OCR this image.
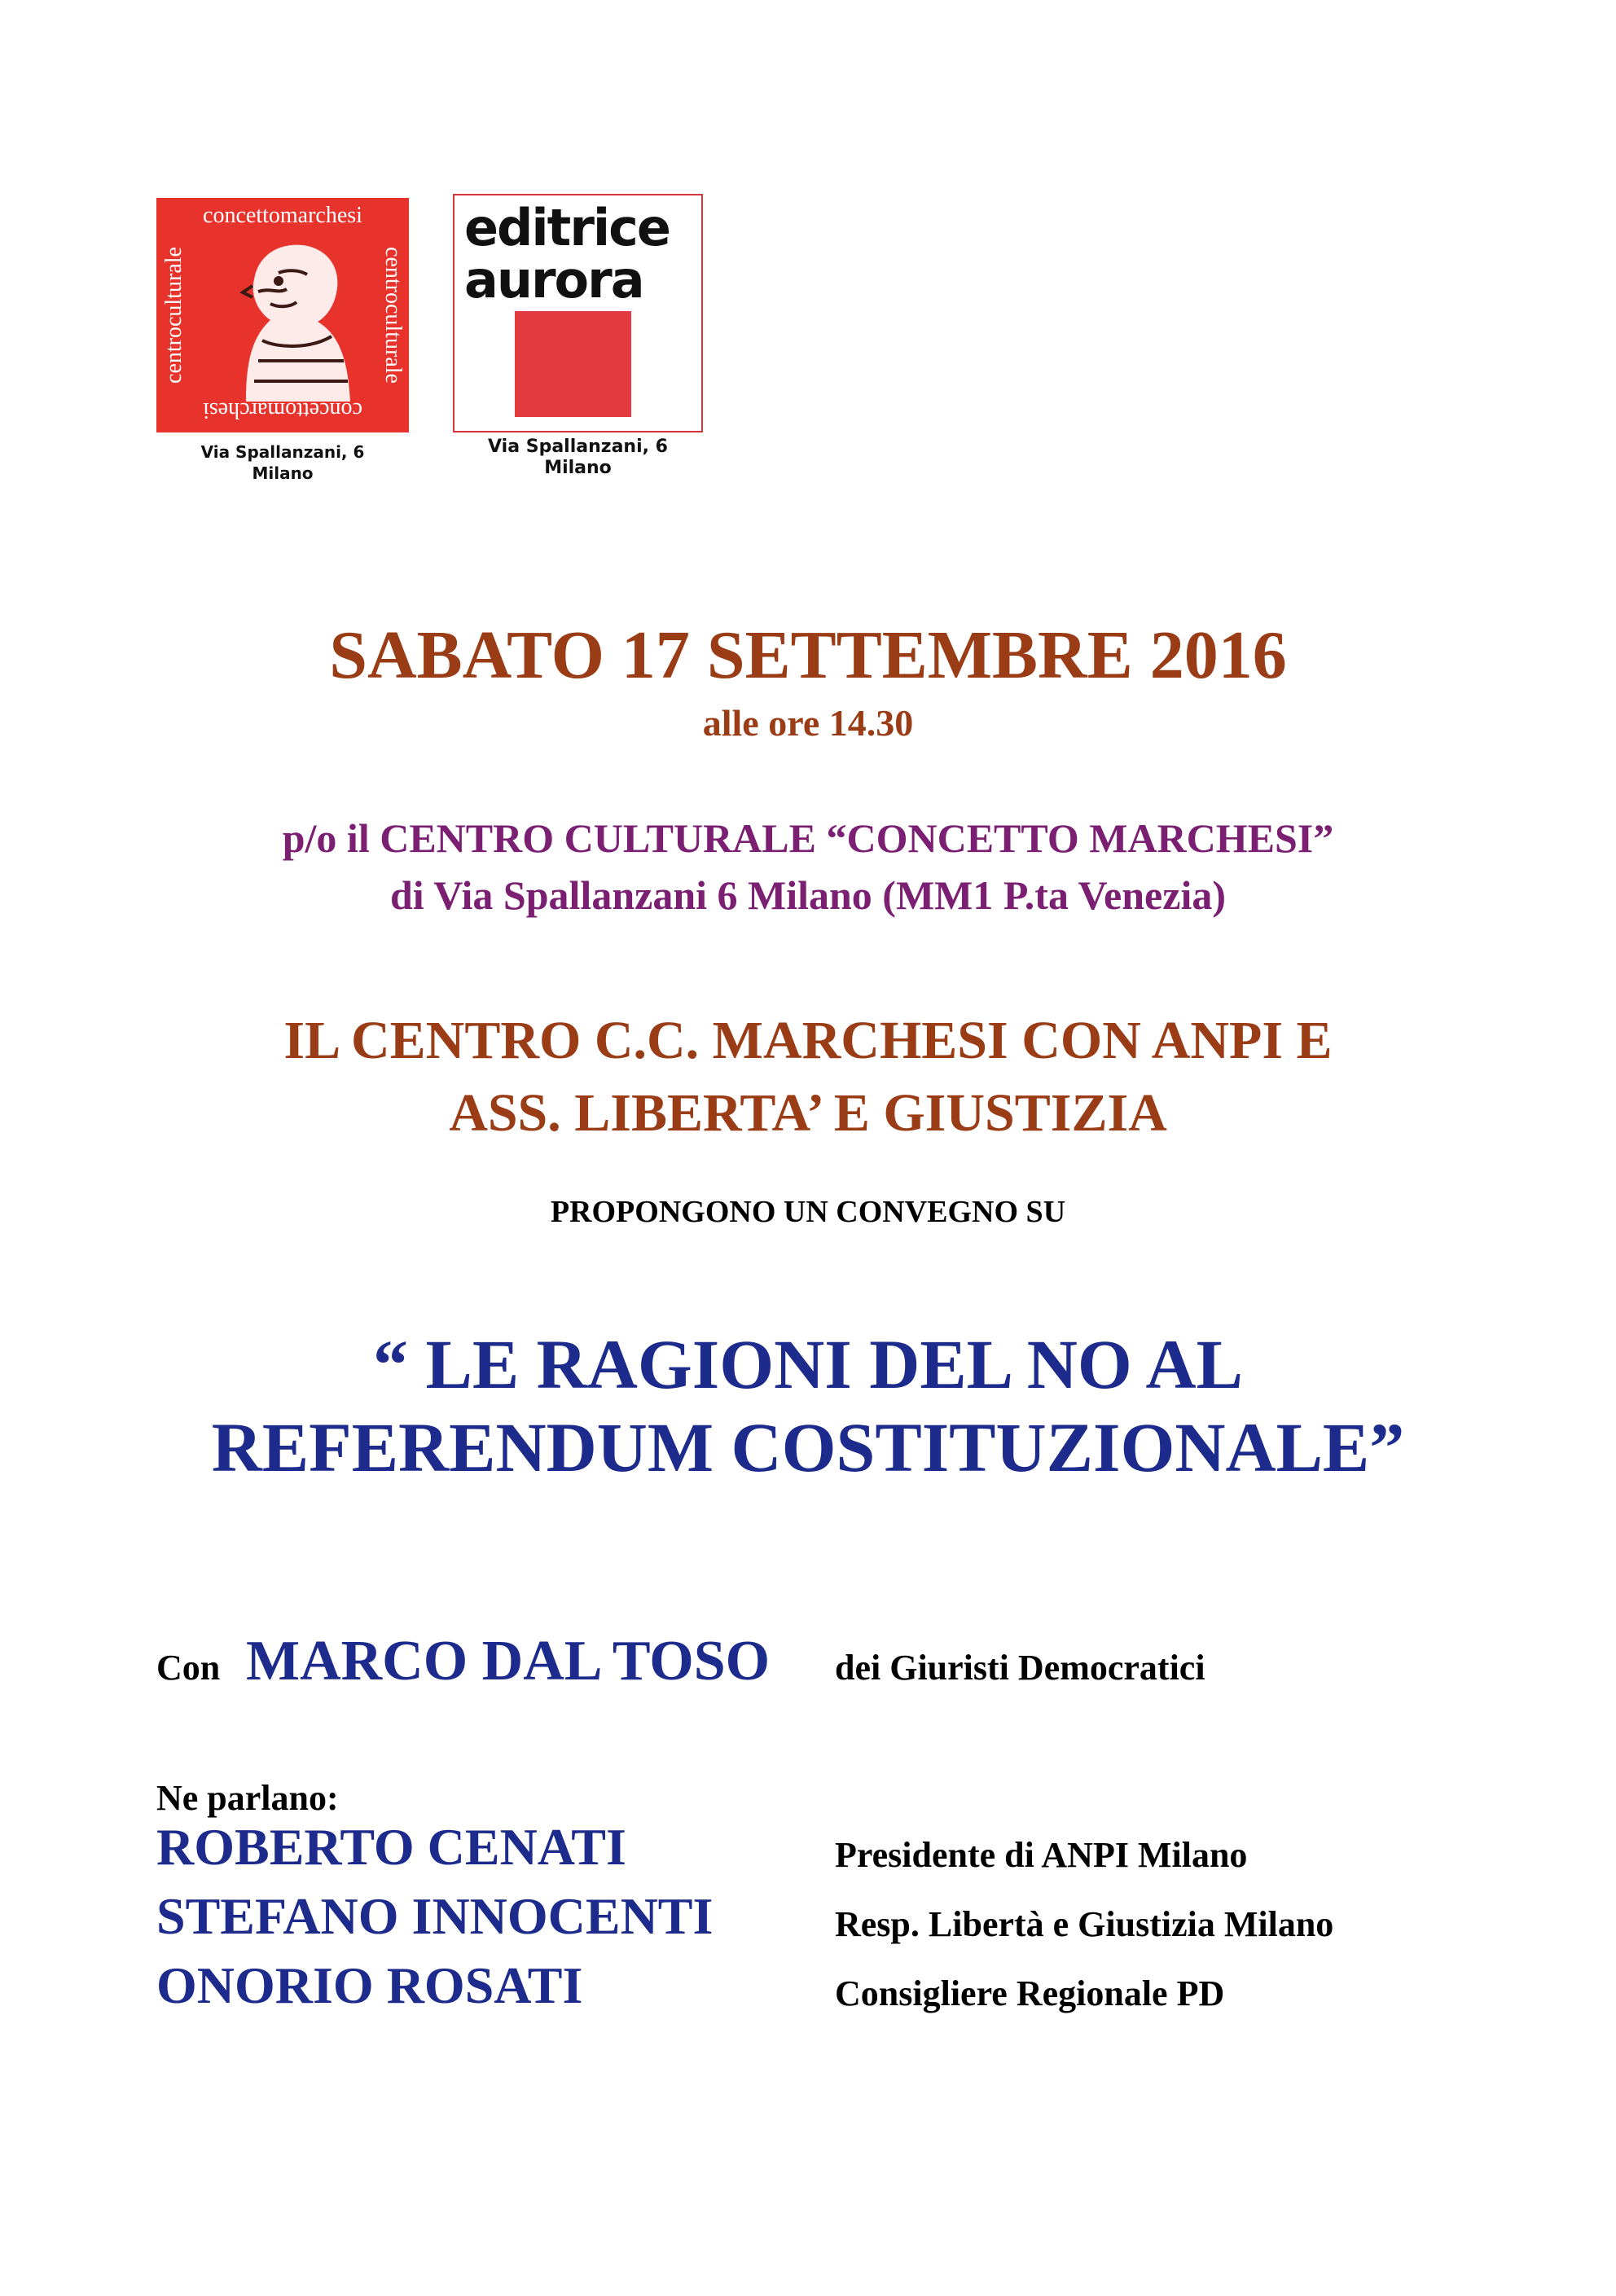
concettomarchesi
concettomarchesi
centroculturale	centroculturale
Via Spallanzani, 6
Milano
editrice
aurora
Via Spallanzani, 6
Milano
SABATO 17 SETTEMBRE 2016
alle ore 14.30
p/o il CENTRO CULTURALE “CONCETTO MARCHESI”
di Via Spallanzani 6 Milano (MM1 P.ta Venezia)
IL CENTRO C.C. MARCHESI CON ANPI E
ASS. LIBERTA’ E GIUSTIZIA
PROPONGONO UN CONVEGNO SU
“ LE RAGIONI DEL NO AL
REFERENDUM COSTITUZIONALE”
Con MARCO DAL TOSO dei Giuristi Democratici
Ne parlano:
ROBERTO CENATI	Presidente di ANPI Milano
STEFANO INNOCENTI	Resp. Libertà e Giustizia Milano
ONORIO ROSATI	Consigliere Regionale PD
